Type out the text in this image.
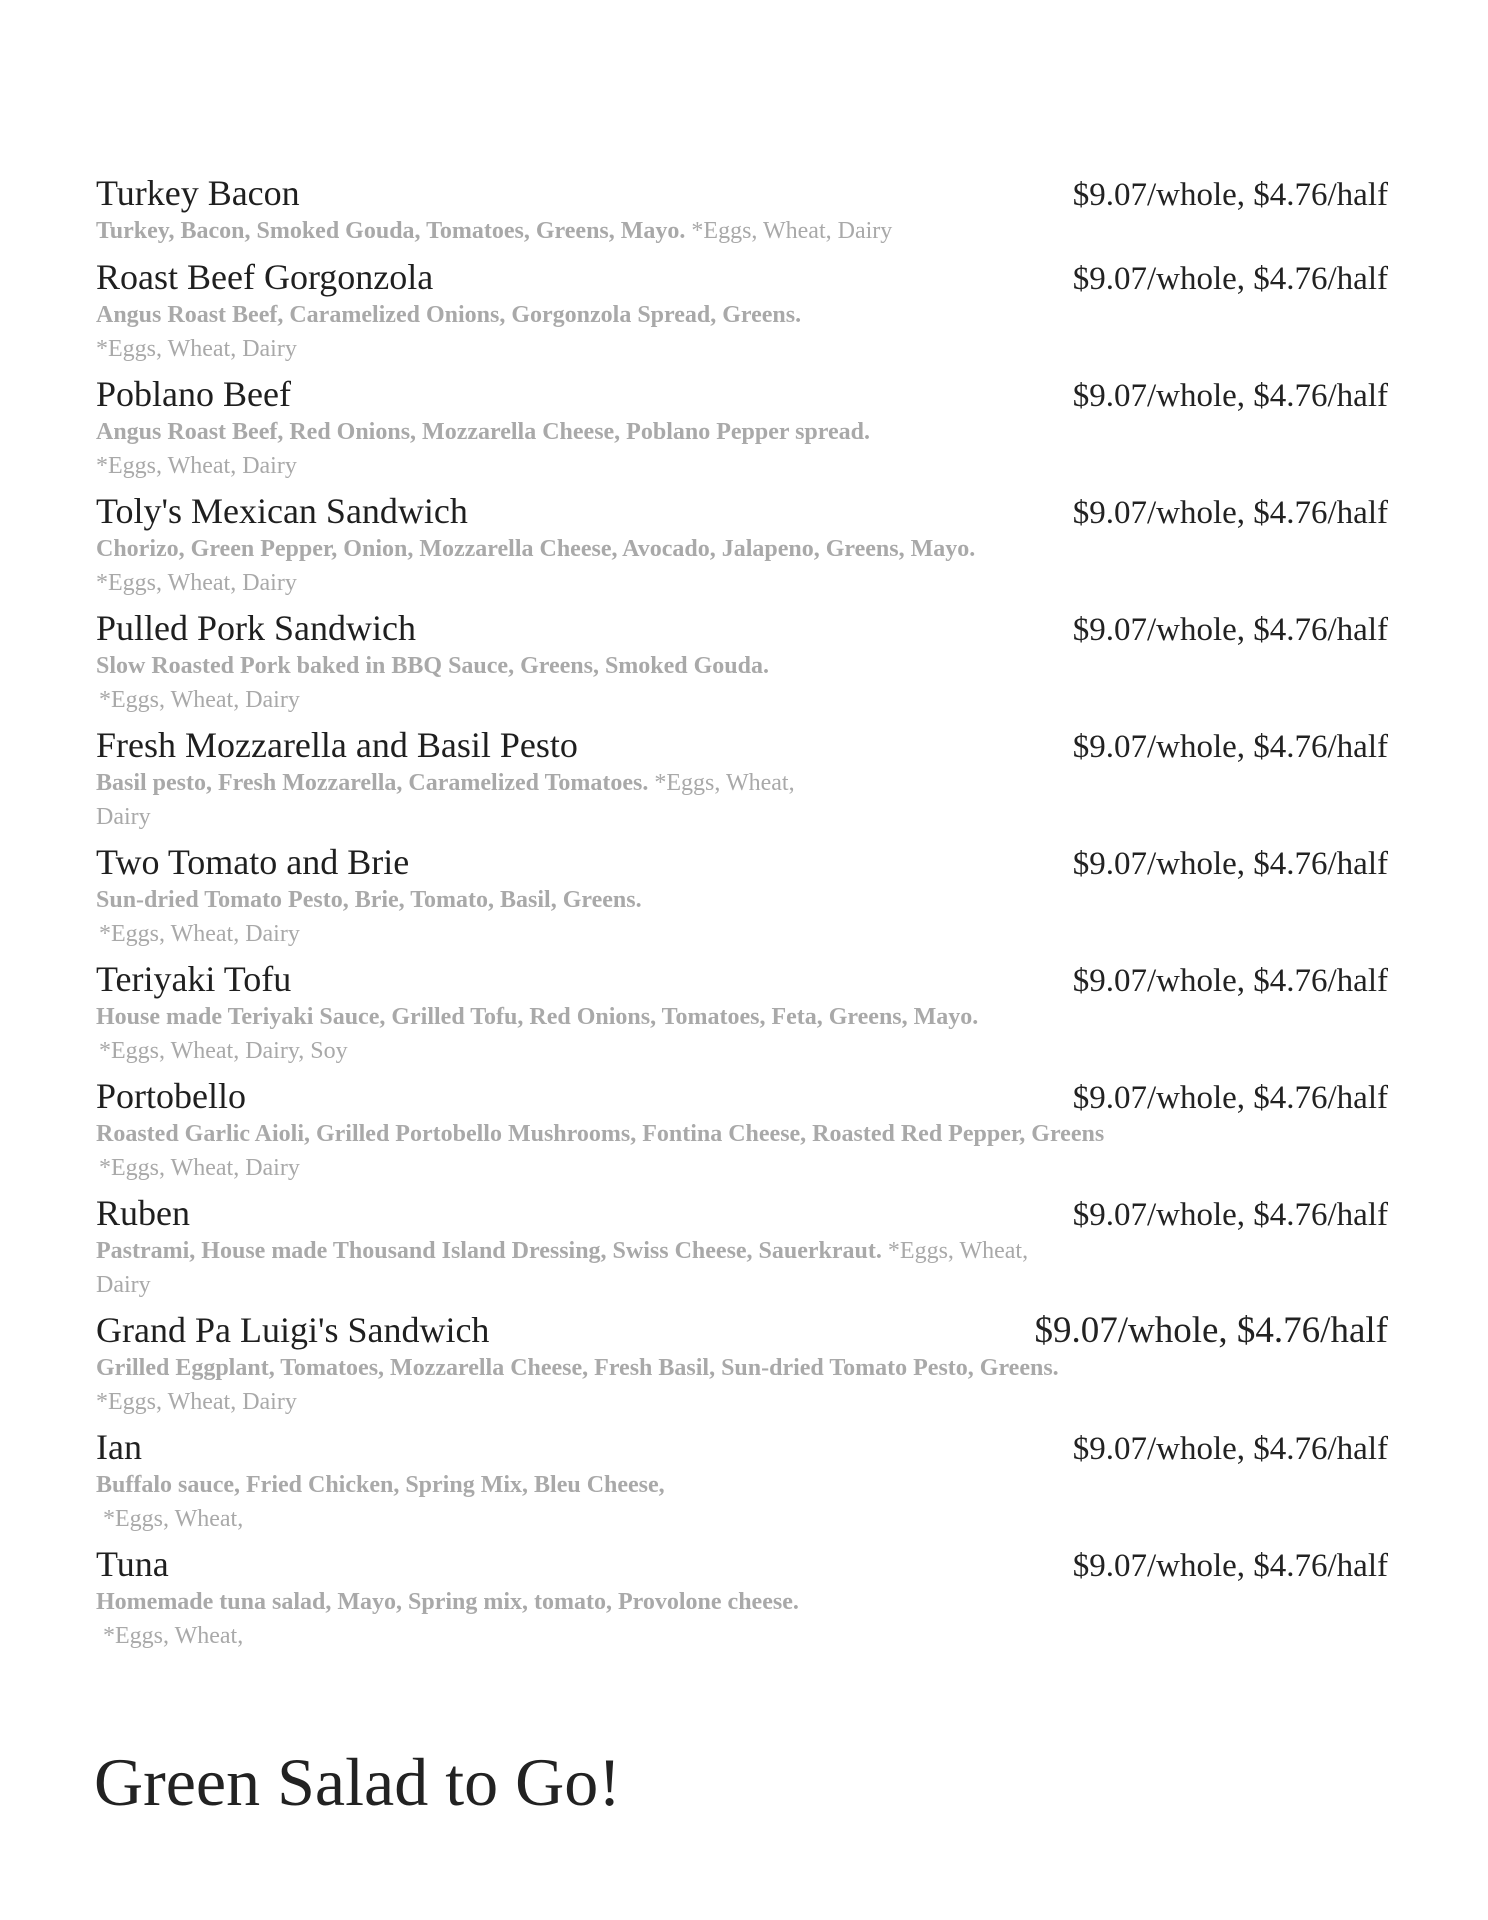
Turkey Bacon	$9.07/whole, $4.76/half
Turkey, Bacon, Smoked Gouda, Tomatoes, Greens, Mayo. *Eggs, Wheat, Dairy
Roast Beef Gorgonzola	$9.07/whole, $4.76/half
Angus Roast Beef, Caramelized Onions, Gorgonzola Spread, Greens.
*Eggs, Wheat, Dairy
Poblano Beef	$9.07/whole, $4.76/half
Angus Roast Beef, Red Onions, Mozzarella Cheese, Poblano Pepper spread.
*Eggs, Wheat, Dairy
Toly's Mexican Sandwich	$9.07/whole, $4.76/half
Chorizo, Green Pepper, Onion, Mozzarella Cheese, Avocado, Jalapeno, Greens, Mayo.
*Eggs, Wheat, Dairy
Pulled Pork Sandwich	$9.07/whole, $4.76/half
Slow Roasted Pork baked in BBQ Sauce, Greens, Smoked Gouda.
*Eggs, Wheat, Dairy
Fresh Mozzarella and Basil Pesto	$9.07/whole, $4.76/half
Basil pesto, Fresh Mozzarella, Caramelized Tomatoes. *Eggs, Wheat, Dairy
Two Tomato and Brie	$9.07/whole, $4.76/half
Sun-dried Tomato Pesto, Brie, Tomato, Basil, Greens.
*Eggs, Wheat, Dairy
Teriyaki Tofu	$9.07/whole, $4.76/half
House made Teriyaki Sauce, Grilled Tofu, Red Onions, Tomatoes, Feta, Greens, Mayo.
*Eggs, Wheat, Dairy, Soy
Portobello	$9.07/whole, $4.76/half
Roasted Garlic Aioli, Grilled Portobello Mushrooms, Fontina Cheese, Roasted Red Pepper, Greens
*Eggs, Wheat, Dairy
Ruben	$9.07/whole, $4.76/half
Pastrami, House made Thousand Island Dressing, Swiss Cheese, Sauerkraut. *Eggs, Wheat, Dairy
Grand Pa Luigi's Sandwich	$9.07/whole, $4.76/half
Grilled Eggplant, Tomatoes, Mozzarella Cheese, Fresh Basil, Sun-dried Tomato Pesto, Greens.
*Eggs, Wheat, Dairy
Ian	$9.07/whole, $4.76/half
Buffalo sauce, Fried Chicken, Spring Mix, Bleu Cheese,
*Eggs, Wheat,
Tuna	$9.07/whole, $4.76/half
Homemade tuna salad, Mayo, Spring mix, tomato, Provolone cheese.
*Eggs, Wheat,
Green Salad to Go!
